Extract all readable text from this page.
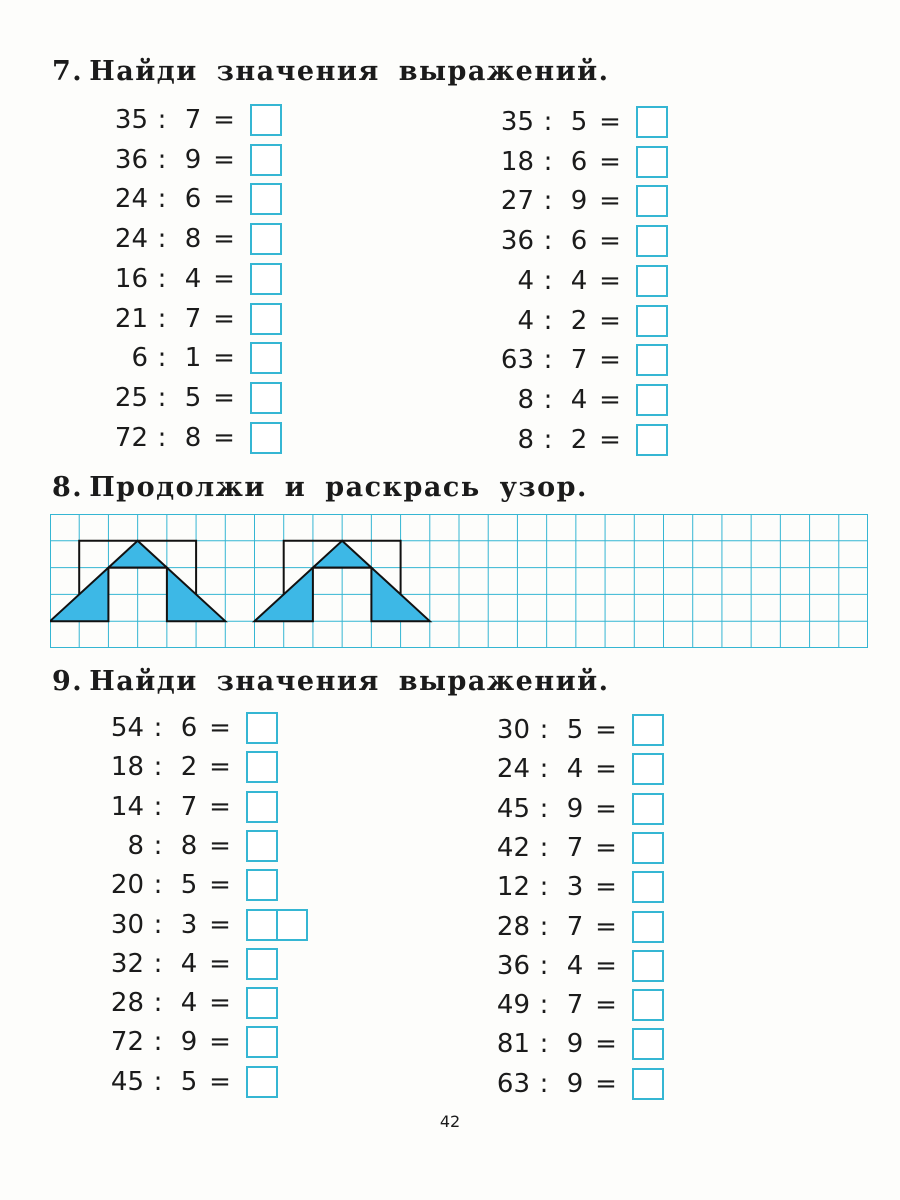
7. Найди значения выражений.
35 : 7 =
36 : 9 =
24 : 6 =
24 : 8 =
16 : 4 =
21 : 7 =
6 : 1 =
25 : 5 =
72 : 8 =
35 : 5 =
18 : 6 =
27 : 9 =
36 : 6 =
4 : 4 =
4 : 2 =
63 : 7 =
8 : 4 =
8 : 2 =
8. Продолжи и раскрась узор.
9. Найди значения выражений.
54 : 6 =
18 : 2 =
14 : 7 =
8 : 8 =
20 : 5 =
30 : 3 =
32 : 4 =
28 : 4 =
72 : 9 =
45 : 5 =
30 : 5 =
24 : 4 =
45 : 9 =
42 : 7 =
12 : 3 =
28 : 7 =
36 : 4 =
49 : 7 =
81 : 9 =
63 : 9 =
42
